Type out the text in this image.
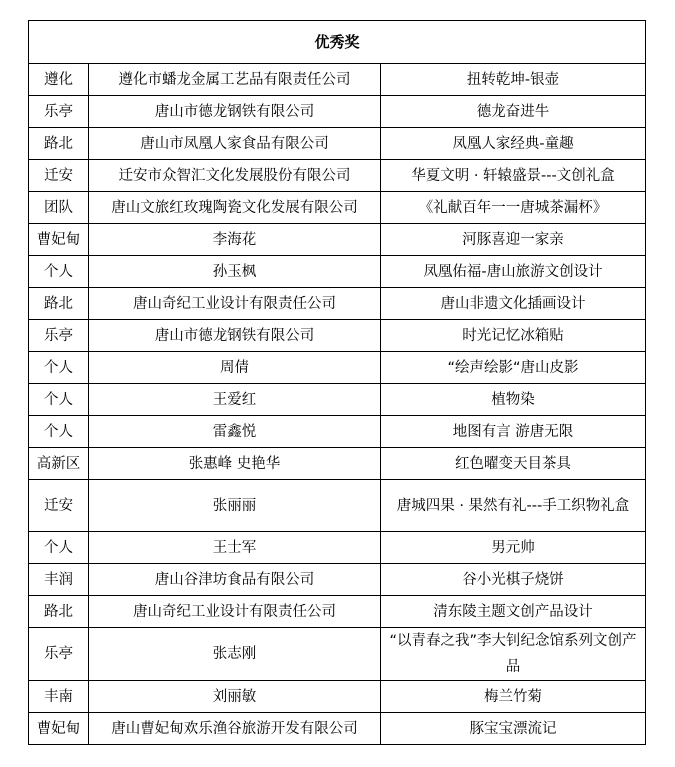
优秀奖		
遵化	遵化市蟠龙金属工艺品有限责任公司	扭转乾坤-银壶
乐亭	唐山市德龙钢铁有限公司	德龙奋进牛
路北	唐山市凤凰人家食品有限公司	凤凰人家经典-童趣
迁安	迁安市众智汇文化发展股份有限公司	华夏文明 · 轩辕盛景---文创礼盒
团队	唐山文旅红玫瑰陶瓷文化发展有限公司	《礼献百年一一唐城茶漏杯》
曹妃甸	李海花	河豚喜迎一家亲
个人	孙玉枫	凤凰佑福-唐山旅游文创设计
路北	唐山奇纪工业设计有限责任公司	唐山非遗文化插画设计
乐亭	唐山市德龙钢铁有限公司	时光记忆冰箱贴
个人	周倩	“绘声绘影“唐山皮影
个人	王爱红	植物染
个人	雷鑫悦	地图有言 游唐无限
高新区	张惠峰 史艳华	红色曜变天目茶具
迁安	张丽丽	唐城四果 · 果然有礼---手工织物礼盒
个人	王士军	男元帅
丰润	唐山谷津坊食品有限公司	谷小光棋子烧饼
路北	唐山奇纪工业设计有限责任公司	清东陵主题文创产品设计
乐亭	张志刚	“以青春之我”李大钊纪念馆系列文创产品
丰南	刘丽敏	梅兰竹菊
曹妃甸	唐山曹妃甸欢乐渔谷旅游开发有限公司	豚宝宝漂流记
